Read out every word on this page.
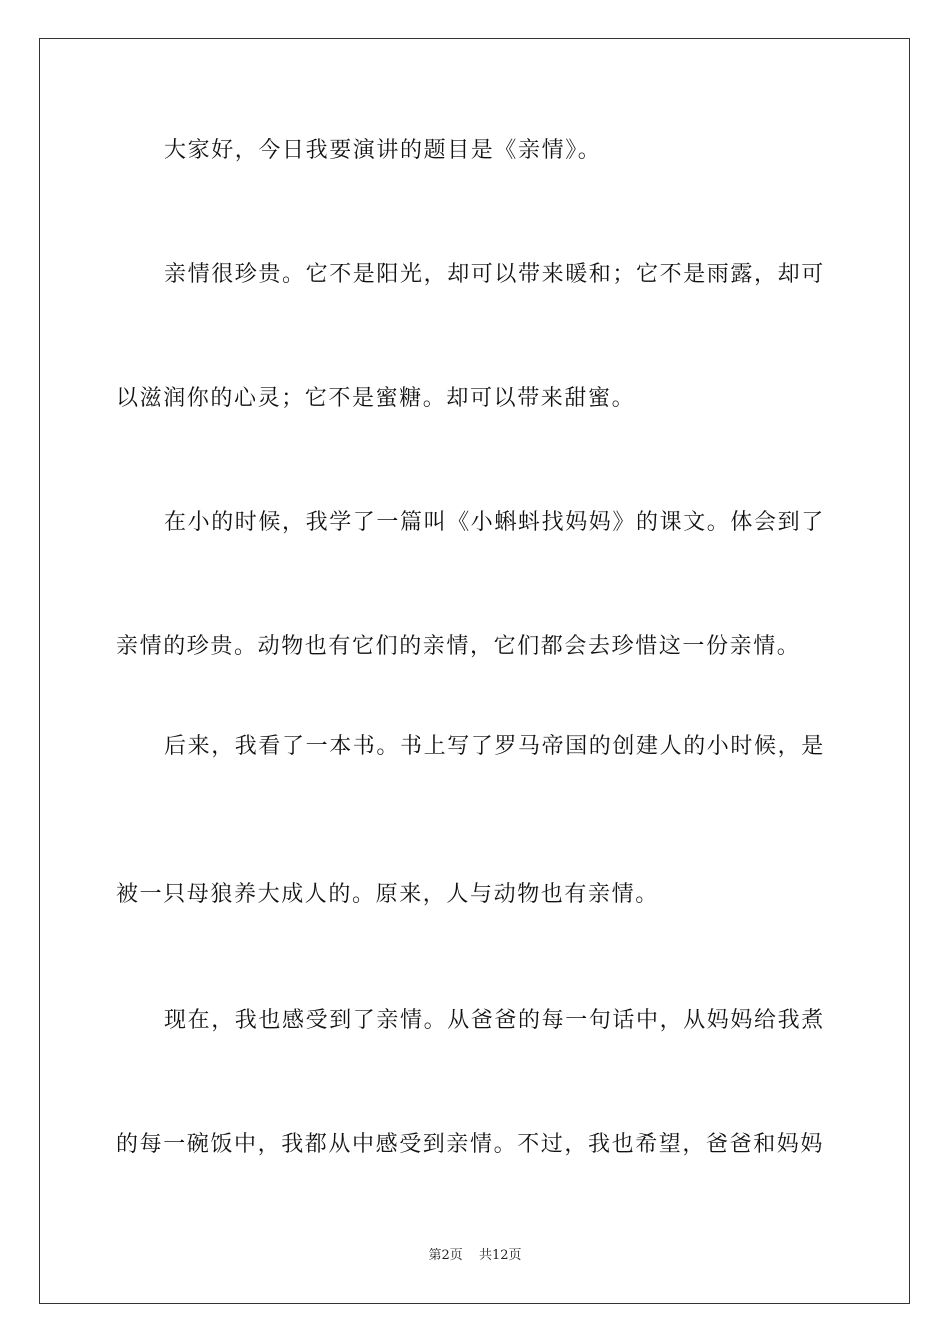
大家好，今日我要演讲的题目是《亲情》。
亲情很珍贵。它不是阳光，却可以带来暖和；它不是雨露，却可
以滋润你的心灵；它不是蜜糖。却可以带来甜蜜。
在小的时候，我学了一篇叫《小蝌蚪找妈妈》的课文。体会到了
亲情的珍贵。动物也有它们的亲情，它们都会去珍惜这一份亲情。
后来，我看了一本书。书上写了罗马帝国的创建人的小时候，是
被一只母狼养大成人的。原来，人与动物也有亲情。
现在，我也感受到了亲情。从爸爸的每一句话中，从妈妈给我煮
的每一碗饭中，我都从中感受到亲情。不过，我也希望，爸爸和妈妈
第2页 共12页
